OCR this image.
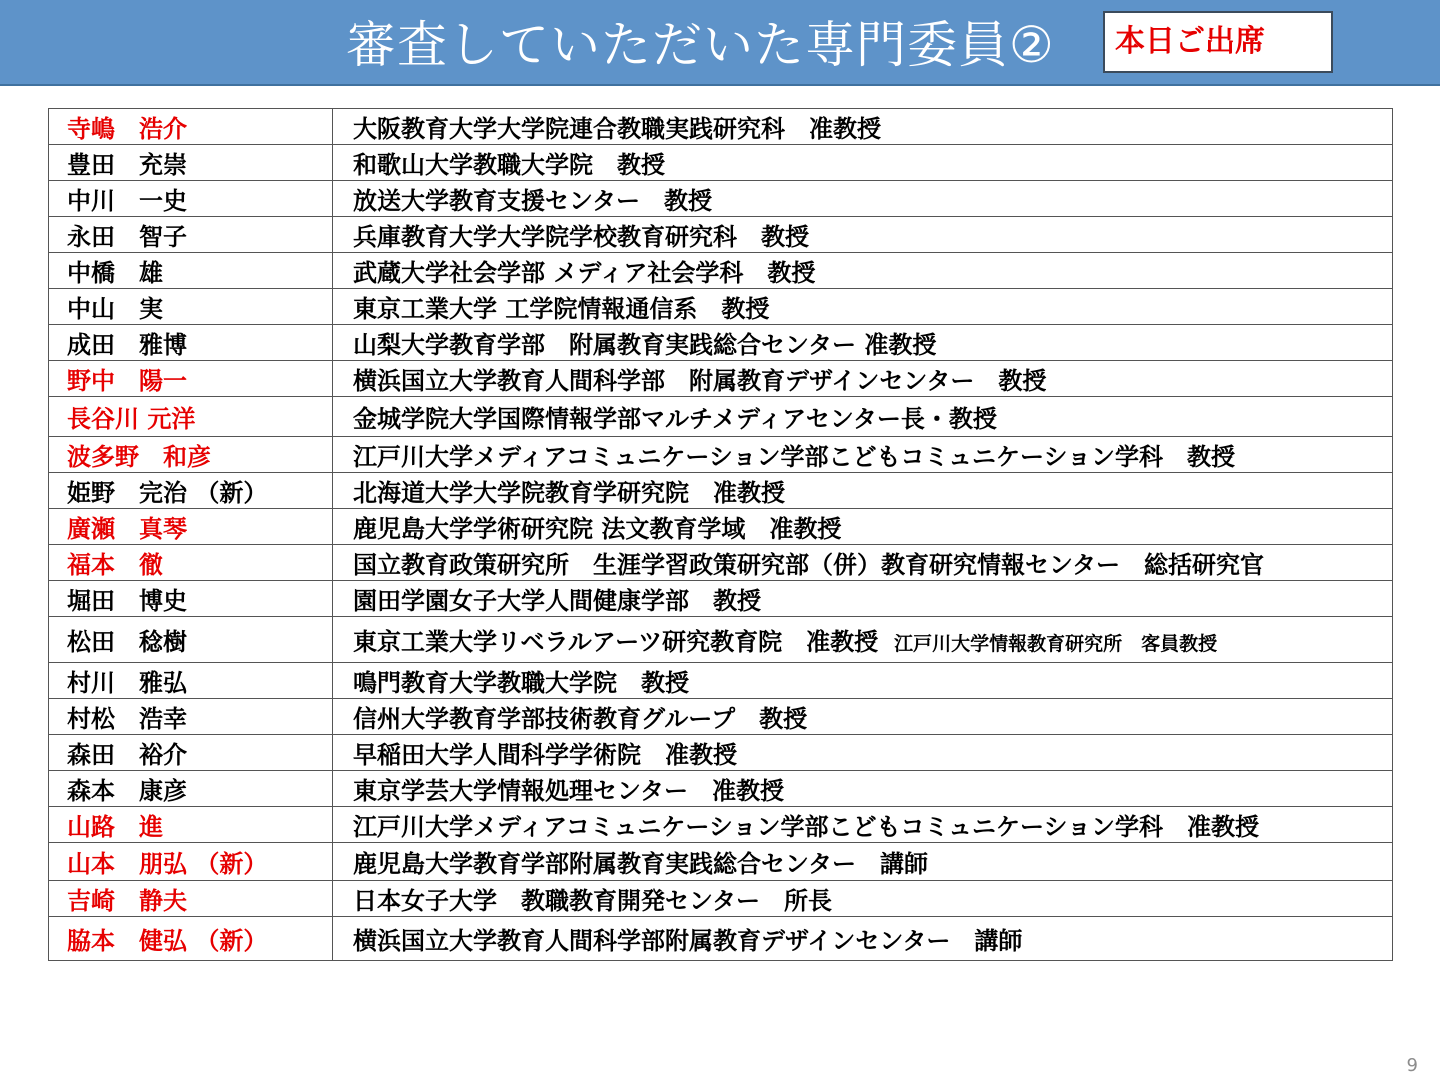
審査していただいた専門委員②	本日ご出席
寺嶋　浩介	大阪教育大学大学院連合教職実践研究科　准教授
豊田　充崇	和歌山大学教職大学院　教授
中川　一史	放送大学教育支援センター　教授
永田　智子	兵庫教育大学大学院学校教育研究科　教授
中橋　雄	武蔵大学社会学部 メディア社会学科　教授
中山　実	東京工業大学 工学院情報通信系　教授
成田　雅博	山梨大学教育学部　附属教育実践総合センター 准教授
野中　陽一	横浜国立大学教育人間科学部　附属教育デザインセンター　教授
長谷川 元洋	金城学院大学国際情報学部マルチメディアセンター長・教授
波多野　和彦	江戸川大学メディアコミュニケーション学部こどもコミュニケーション学科　教授
姫野　完治 （新）	北海道大学大学院教育学研究院　准教授
廣瀬　真琴	鹿児島大学学術研究院 法文教育学域　准教授
福本　徹	国立教育政策研究所　生涯学習政策研究部（併）教育研究情報センター　総括研究官
堀田　博史	園田学園女子大学人間健康学部　教授
松田　稔樹	東京工業大学リベラルアーツ研究教育院　准教授 江戸川大学情報教育研究所　客員教授
村川　雅弘	鳴門教育大学教職大学院　教授
村松　浩幸	信州大学教育学部技術教育グループ　教授
森田　裕介	早稲田大学人間科学学術院　准教授
森本　康彦	東京学芸大学情報処理センター　准教授
山路　進	江戸川大学メディアコミュニケーション学部こどもコミュニケーション学科　准教授
山本　朋弘 （新）	鹿児島大学教育学部附属教育実践総合センター　講師
吉崎　静夫	日本女子大学　教職教育開発センター　所長
脇本　健弘 （新）	横浜国立大学教育人間科学部附属教育デザインセンター　講師
9
